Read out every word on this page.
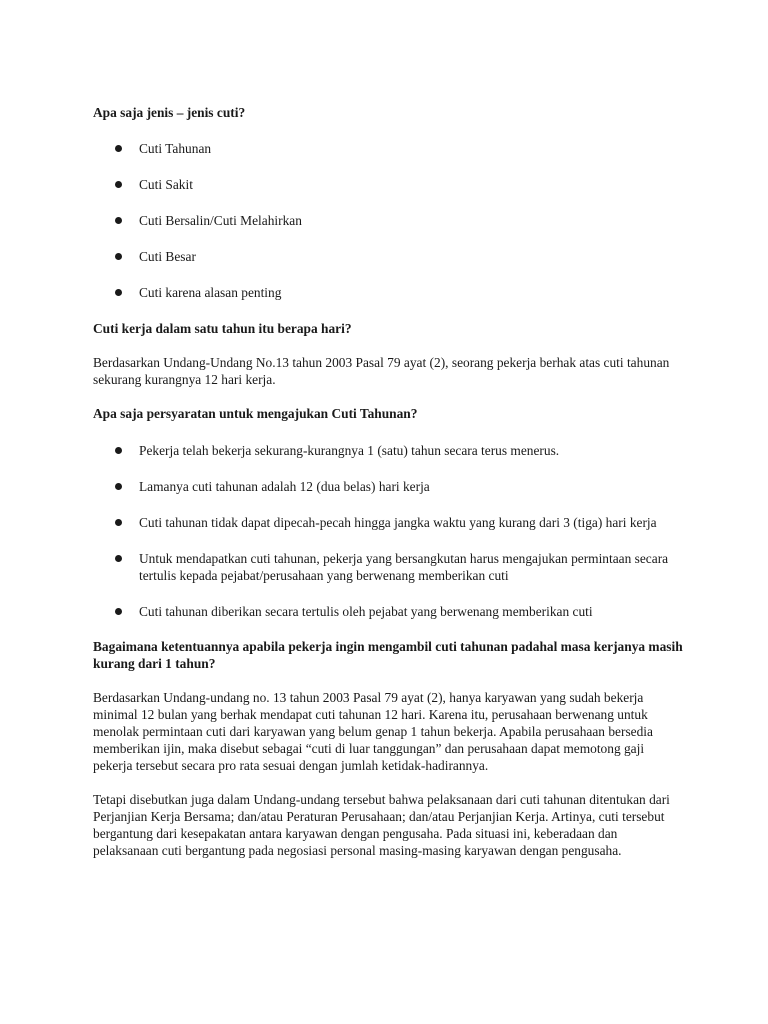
Apa saja jenis – jenis cuti?

Cuti Tahunan
Cuti Sakit
Cuti Bersalin/Cuti Melahirkan
Cuti Besar
Cuti karena alasan penting

Cuti kerja dalam satu tahun itu berapa hari?

Berdasarkan Undang-Undang No.13 tahun 2003 Pasal 79 ayat (2), seorang pekerja berhak atas cuti tahunan sekurang kurangnya 12 hari kerja.

Apa saja persyaratan untuk mengajukan Cuti Tahunan?

Pekerja telah bekerja sekurang-kurangnya 1 (satu) tahun secara terus menerus.
Lamanya cuti tahunan adalah 12 (dua belas) hari kerja
Cuti tahunan tidak dapat dipecah-pecah hingga jangka waktu yang kurang dari 3 (tiga) hari kerja
Untuk mendapatkan cuti tahunan, pekerja yang bersangkutan harus mengajukan permintaan secara tertulis kepada pejabat/perusahaan yang berwenang memberikan cuti
Cuti tahunan diberikan secara tertulis oleh pejabat yang berwenang memberikan cuti

Bagaimana ketentuannya apabila pekerja ingin mengambil cuti tahunan padahal masa kerjanya masih kurang dari 1 tahun?

Berdasarkan Undang-undang no. 13 tahun 2003 Pasal 79 ayat (2), hanya karyawan yang sudah bekerja minimal 12 bulan yang berhak mendapat cuti tahunan 12 hari. Karena itu, perusahaan berwenang untuk menolak permintaan cuti dari karyawan yang belum genap 1 tahun bekerja. Apabila perusahaan bersedia memberikan ijin, maka disebut sebagai “cuti di luar tanggungan” dan perusahaan dapat memotong gaji pekerja tersebut secara pro rata sesuai dengan jumlah ketidak-hadirannya.

Tetapi disebutkan juga dalam Undang-undang tersebut bahwa pelaksanaan dari cuti tahunan ditentukan dari Perjanjian Kerja Bersama; dan/atau Peraturan Perusahaan; dan/atau Perjanjian Kerja. Artinya, cuti tersebut bergantung dari kesepakatan antara karyawan dengan pengusaha. Pada situasi ini, keberadaan dan pelaksanaan cuti bergantung pada negosiasi personal masing-masing karyawan dengan pengusaha.
